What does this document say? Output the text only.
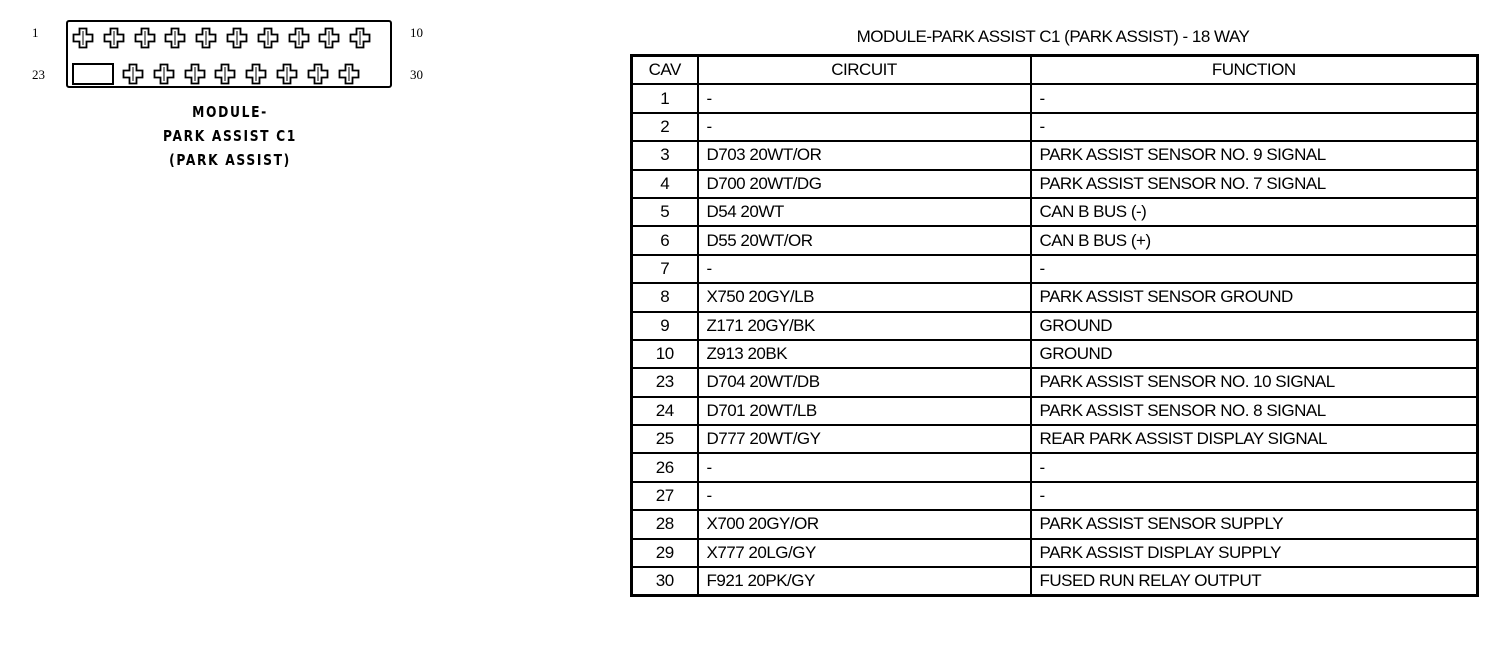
1	10
23	30
MODULE-
PARK ASSIST C1
(PARK ASSIST)
MODULE-PARK ASSIST C1 (PARK ASSIST) - 18 WAY
CAV	CIRCUIT	FUNCTION
1	-	-
2	-	-
3	D703 20WT/OR	PARK ASSIST SENSOR NO. 9 SIGNAL
4	D700 20WT/DG	PARK ASSIST SENSOR NO. 7 SIGNAL
5	D54 20WT	CAN B BUS (-)
6	D55 20WT/OR	CAN B BUS (+)
7	-	-
8	X750 20GY/LB	PARK ASSIST SENSOR GROUND
9	Z171 20GY/BK	GROUND
10	Z913 20BK	GROUND
23	D704 20WT/DB	PARK ASSIST SENSOR NO. 10 SIGNAL
24	D701 20WT/LB	PARK ASSIST SENSOR NO. 8 SIGNAL
25	D777 20WT/GY	REAR PARK ASSIST DISPLAY SIGNAL
26	-	-
27	-	-
28	X700 20GY/OR	PARK ASSIST SENSOR SUPPLY
29	X777 20LG/GY	PARK ASSIST DISPLAY SUPPLY
30	F921 20PK/GY	FUSED RUN RELAY OUTPUT
